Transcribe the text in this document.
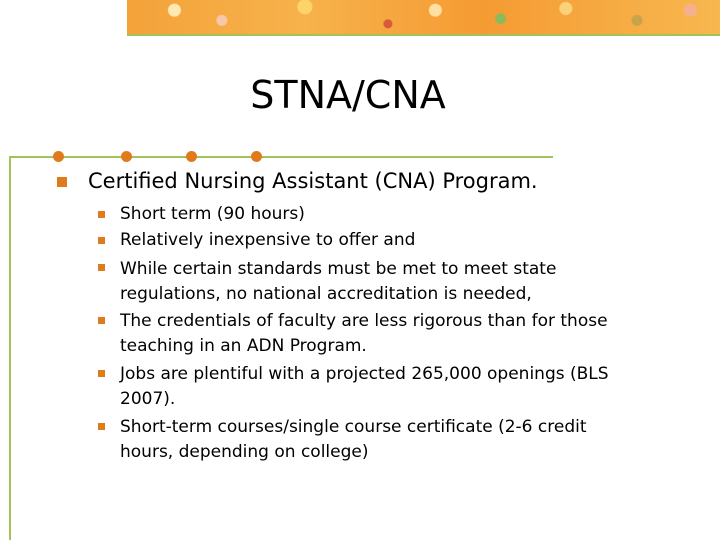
STNA/CNA
Certified Nursing Assistant (CNA) Program.
Short term (90 hours)
Relatively inexpensive to offer and
While certain standards must be met to meet state regulations, no national accreditation is needed,
The credentials of faculty are less rigorous than for those teaching in an ADN Program.
Jobs are plentiful with a projected 265,000 openings (BLS 2007).
Short-term courses/single course certificate (2-6 credit hours, depending on college)
